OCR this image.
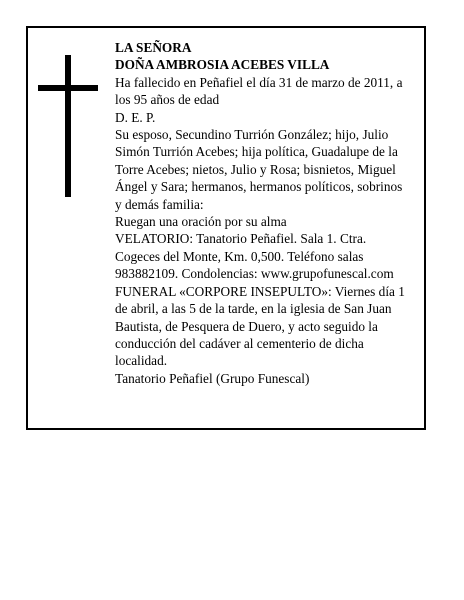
LA SEÑORA

DOÑA AMBROSIA ACEBES VILLA

Ha fallecido en Peñafiel el día 31 de marzo de 2011, a los 95 años de edad

D. E. P.

Su esposo, Secundino Turrión González; hijo, Julio Simón Turrión Acebes; hija política, Guadalupe de la Torre Acebes; nietos, Julio y Rosa; bisnietos, Miguel Ángel y Sara; hermanos, hermanos políticos, sobrinos y demás familia:

Ruegan una oración por su alma

VELATORIO: Tanatorio Peñafiel. Sala 1. Ctra. Cogeces del Monte, Km. 0,500. Teléfono salas 983882109. Condolencias: www.grupofunescal.com

FUNERAL «CORPORE INSEPULTO»: Viernes día 1 de abril, a las 5 de la tarde, en la iglesia de San Juan Bautista, de Pesquera de Duero, y acto seguido la conducción del cadáver al cementerio de dicha localidad.

Tanatorio Peñafiel (Grupo Funescal)
